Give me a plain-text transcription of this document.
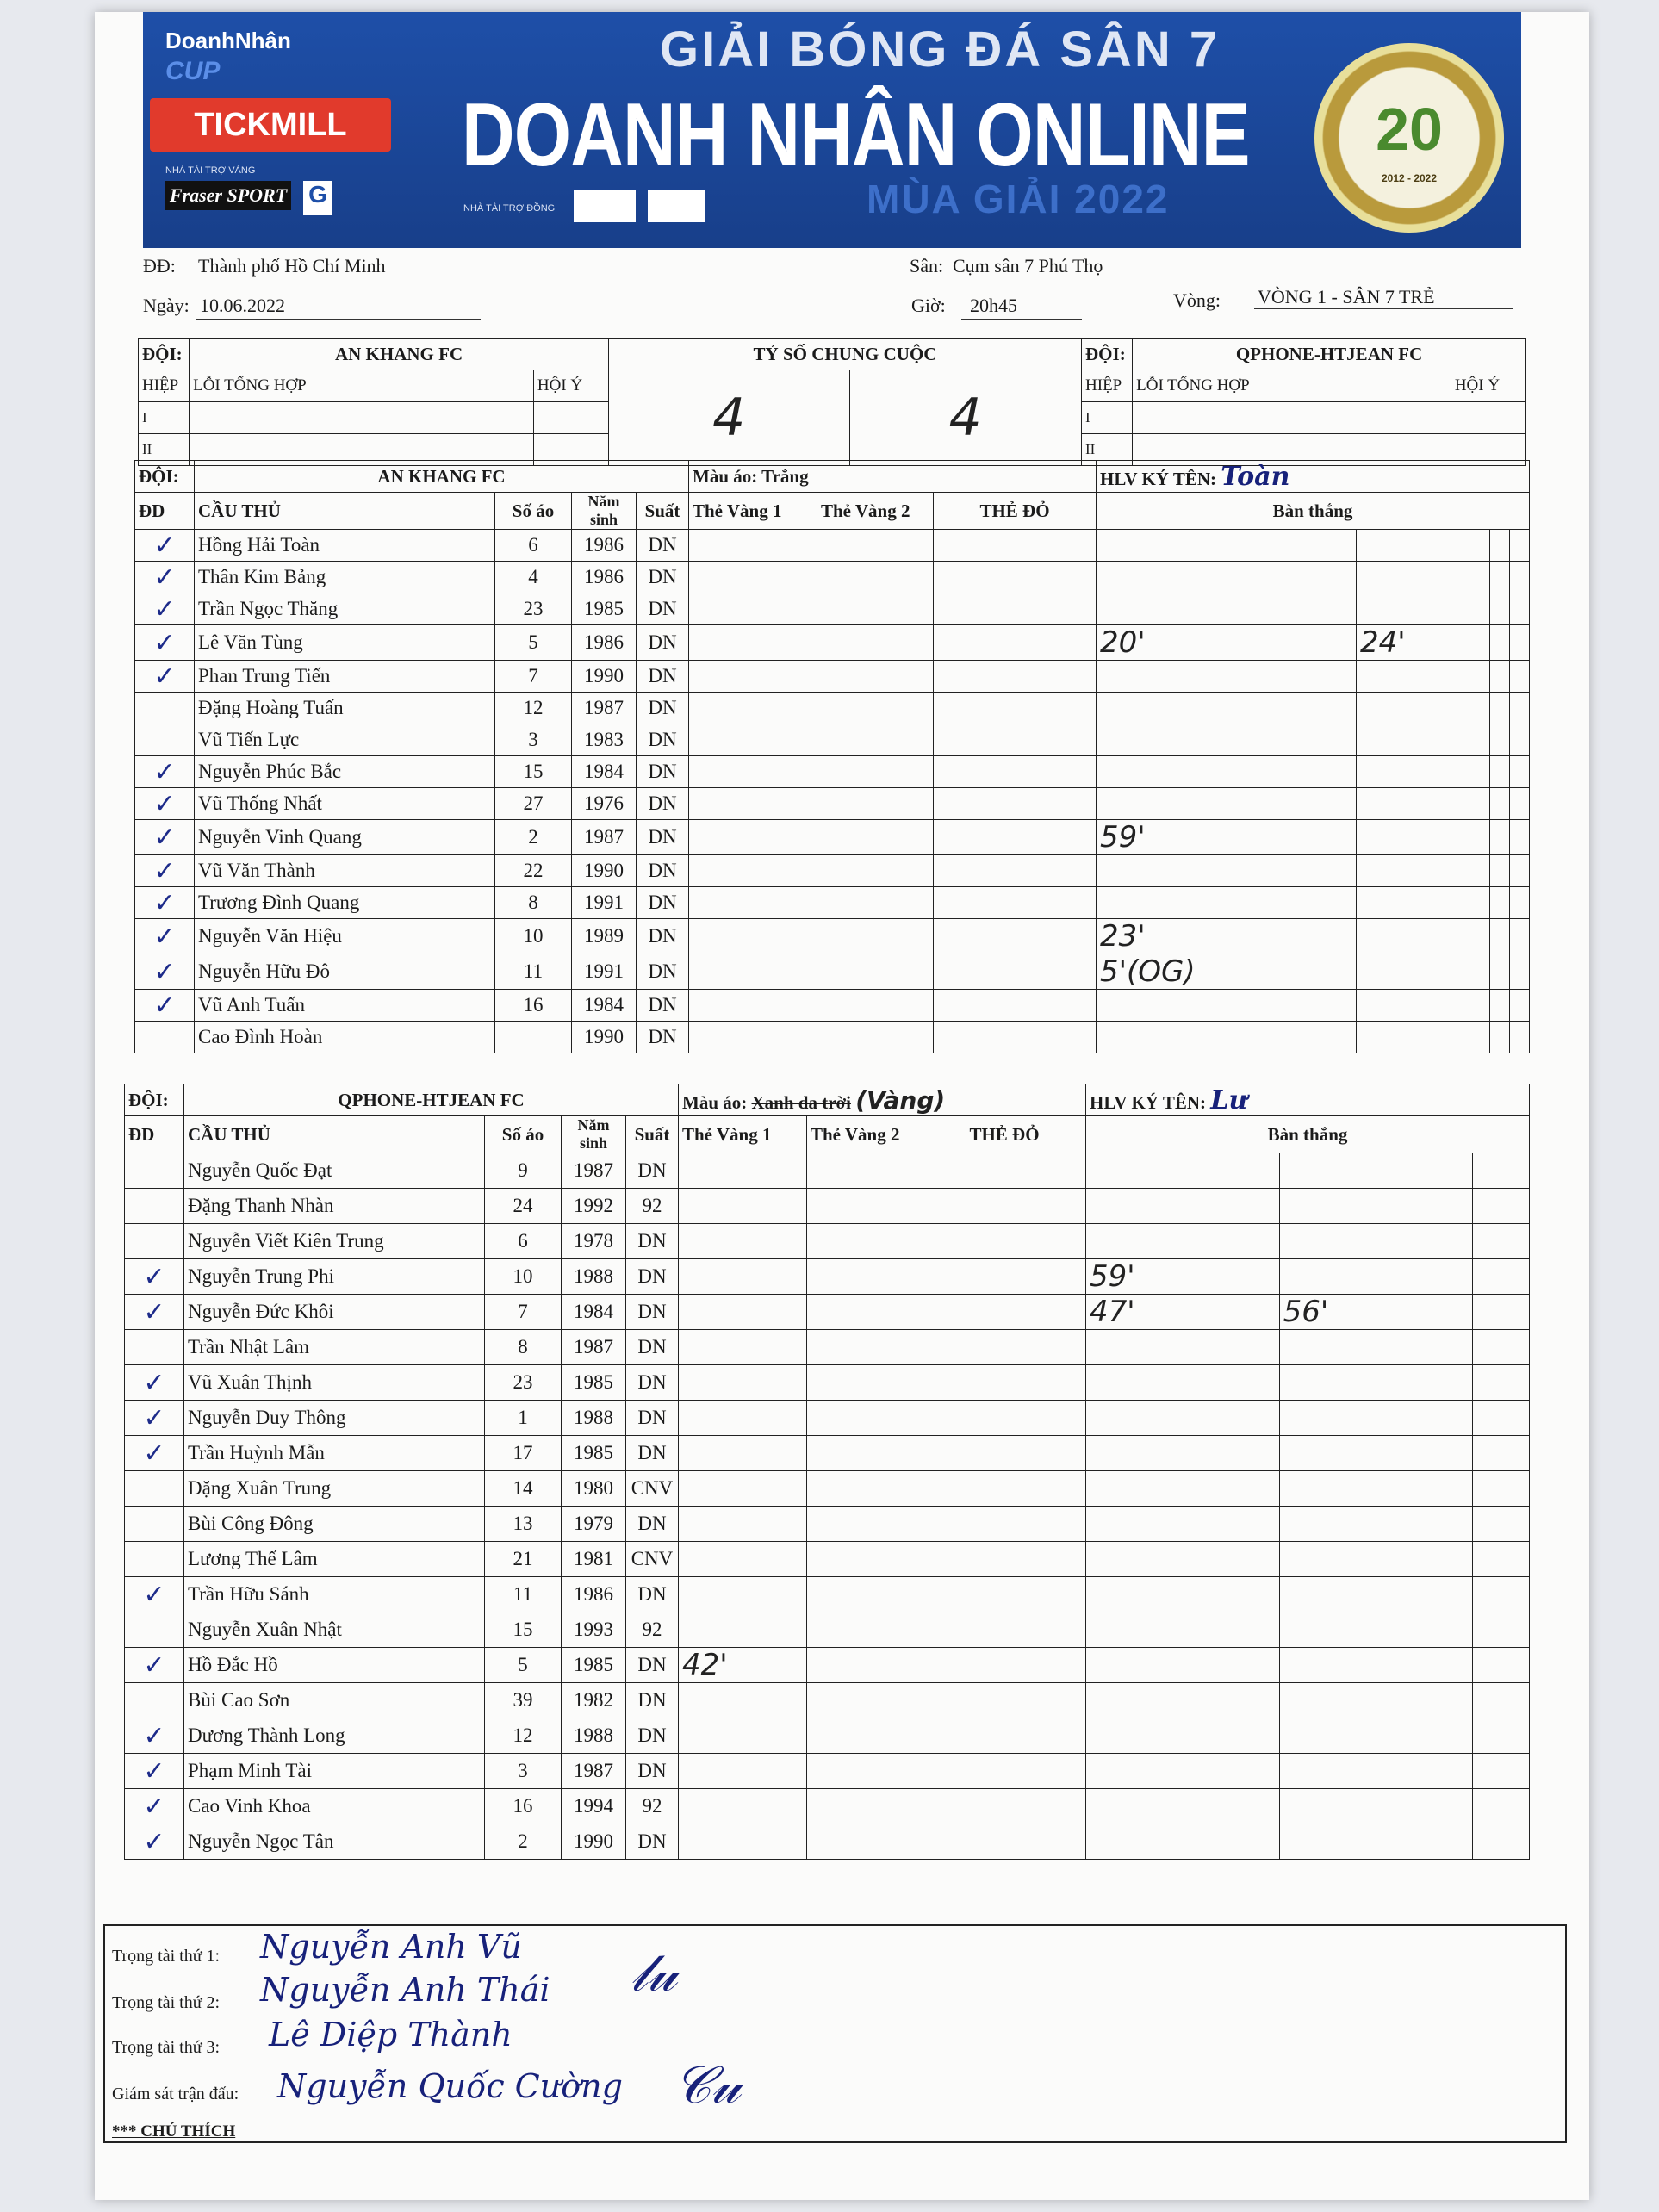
DoanhNhân
CUP
TICKMILL
NHÀ TÀI TRỢ VÀNG
Fraser SPORT G
GIẢI BÓNG ĐÁ SÂN 7
DOANH NHÂN ONLINE
MÙA GIẢI 2022
NHÀ TÀI TRỢ ĐỒNG
20
2012 - 2022
ĐĐ: Thành phố Hồ Chí Minh	Sân: Cụm sân 7 Phú Thọ
Ngày: 10.06.2022	Giờ: 20h45	Vòng: VÒNG 1 - SÂN 7 TRẺ
ĐỘI:	AN KHANG FC		TỶ SỐ CHUNG CUỘC		ĐỘI:	QPHONE-HTJEAN FC	
HIỆP	LỖI TỔNG HỢP	HỘI Ý	4	4	HIỆP	LỖI TỔNG HỢP	HỘI Ý
I					I		
II					II		
ĐỘI:	AN KHANG FC				Màu áo: Trắng			HLV KÝ TÊN: Toàn			
ĐD	CẦU THỦ	Số áo	Năm sinh	Suất	Thẻ Vàng 1	Thẻ Vàng 2	THẺ ĐỎ	Bàn thắng			
✓	Hồng Hải Toàn	6	1986	DN							
✓	Thân Kim Bảng	4	1986	DN							
✓	Trần Ngọc Thăng	23	1985	DN							
✓	Lê Văn Tùng	5	1986	DN				20'	24'		
✓	Phan Trung Tiến	7	1990	DN							
	Đặng Hoàng Tuấn	12	1987	DN							
	Vũ Tiến Lực	3	1983	DN							
✓	Nguyễn Phúc Bắc	15	1984	DN							
✓	Vũ Thống Nhất	27	1976	DN							
✓	Nguyễn Vinh Quang	2	1987	DN				59'			
✓	Vũ Văn Thành	22	1990	DN							
✓	Trương Đình Quang	8	1991	DN							
✓	Nguyễn Văn Hiệu	10	1989	DN				23'			
✓	Nguyễn Hữu Đô	11	1991	DN				5'(OG)			
✓	Vũ Anh Tuấn	16	1984	DN							
	Cao Đình Hoàn		1990	DN							
ĐỘI:	QPHONE-HTJEAN FC				Màu áo: Xanh da trời (Vàng)			HLV KÝ TÊN: Lư			
ĐD	CẦU THỦ	Số áo	Năm sinh	Suất	Thẻ Vàng 1	Thẻ Vàng 2	THẺ ĐỎ	Bàn thắng			
	Nguyễn Quốc Đạt	9	1987	DN							
	Đặng Thanh Nhàn	24	1992	92							
	Nguyễn Viết Kiên Trung	6	1978	DN							
✓	Nguyễn Trung Phi	10	1988	DN				59'			
✓	Nguyễn Đức Khôi	7	1984	DN				47'	56'		
	Trần Nhật Lâm	8	1987	DN							
✓	Vũ Xuân Thịnh	23	1985	DN							
✓	Nguyễn Duy Thông	1	1988	DN							
✓	Trần Huỳnh Mẫn	17	1985	DN							
	Đặng Xuân Trung	14	1980	CNV							
	Bùi Công Đông	13	1979	DN							
	Lương Thế Lâm	21	1981	CNV							
✓	Trần Hữu Sánh	11	1986	DN							
	Nguyễn Xuân Nhật	15	1993	92							
✓	Hồ Đắc Hồ	5	1985	DN	42'						
	Bùi Cao Sơn	39	1982	DN							
✓	Dương Thành Long	12	1988	DN							
✓	Phạm Minh Tài	3	1987	DN							
✓	Cao Vinh Khoa	16	1994	92							
✓	Nguyễn Ngọc Tân	2	1990	DN							
Trọng tài thứ 1: Nguyễn Anh Vũ
Trọng tài thứ 2: Nguyễn Anh Thái
Trọng tài thứ 3: Lê Diệp Thành
Giám sát trận đấu: Nguyễn Quốc Cường
𝓁𝓊
𝒞𝓊
*** CHÚ THÍCH
